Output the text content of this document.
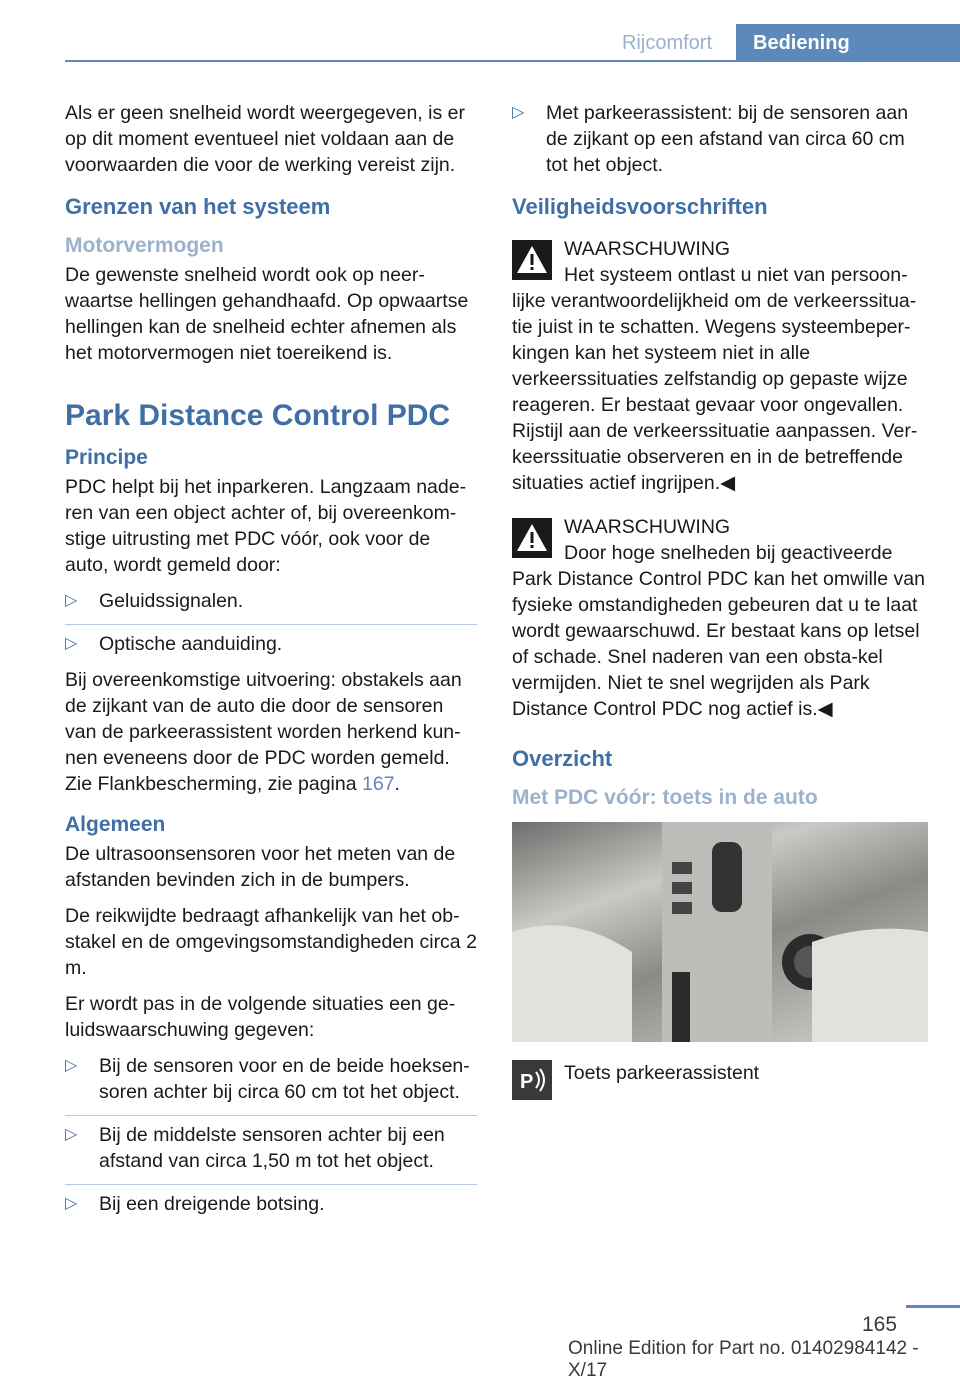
Rijcomfort	Bediening

Als er geen snelheid wordt weergegeven, is er op dit moment eventueel niet voldaan aan de voorwaarden die voor de werking vereist zijn.

Grenzen van het systeem
Motorvermogen

De gewenste snelheid wordt ook op neer-waartse hellingen gehandhaafd. Op opwaartse hellingen kan de snelheid echter afnemen als het motorvermogen niet toereikend is.

Park Distance Control PDC
Principe

PDC helpt bij het inparkeren. Langzaam nade-ren van een object achter of, bij overeenkom-stige uitrusting met PDC vóór, ook voor de auto, wordt gemeld door:

▷ Geluidssignalen.
▷ Optische aanduiding.

Bij overeenkomstige uitvoering: obstakels aan de zijkant van de auto die door de sensoren van de parkeerassistent worden herkend kun-nen eveneens door de PDC worden gemeld. Zie Flankbescherming, zie pagina 167.

Algemeen

De ultrasoonsensoren voor het meten van de afstanden bevinden zich in de bumpers.

De reikwijdte bedraagt afhankelijk van het ob-stakel en de omgevingsomstandigheden circa 2 m.

Er wordt pas in de volgende situaties een ge-luidswaarschuwing gegeven:

▷ Bij de sensoren voor en de beide hoeksen-soren achter bij circa 60 cm tot het object.
▷ Bij de middelste sensoren achter bij een afstand van circa 1,50 m tot het object.
▷ Bij een dreigende botsing.
▷ Met parkeerassistent: bij de sensoren aan de zijkant op een afstand van circa 60 cm tot het object.
Veiligheidsvoorschriften
WAARSCHUWING
Het systeem ontlast u niet van persoon-
lijke verantwoordelijkheid om de verkeerssitua-tie juist in te schatten. Wegens systeembeper-kingen kan het systeem niet in alle verkeerssituaties zelfstandig op gepaste wijze reageren. Er bestaat gevaar voor ongevallen. Rijstijl aan de verkeerssituatie aanpassen. Ver-keerssituatie observeren en in de betreffende situaties actief ingrijpen.◀
WAARSCHUWING
Door hoge snelheden bij geactiveerde
Park Distance Control PDC kan het omwille van fysieke omstandigheden gebeuren dat u te laat wordt gewaarschuwd. Er bestaat kans op letsel of schade. Snel naderen van een obsta-kel vermijden. Niet te snel wegrijden als Park Distance Control PDC nog actief is.◀
Overzicht
Met PDC vóór: toets in de auto
P Toets parkeerassistent
165
Online Edition for Part no. 01402984142 - X/17
